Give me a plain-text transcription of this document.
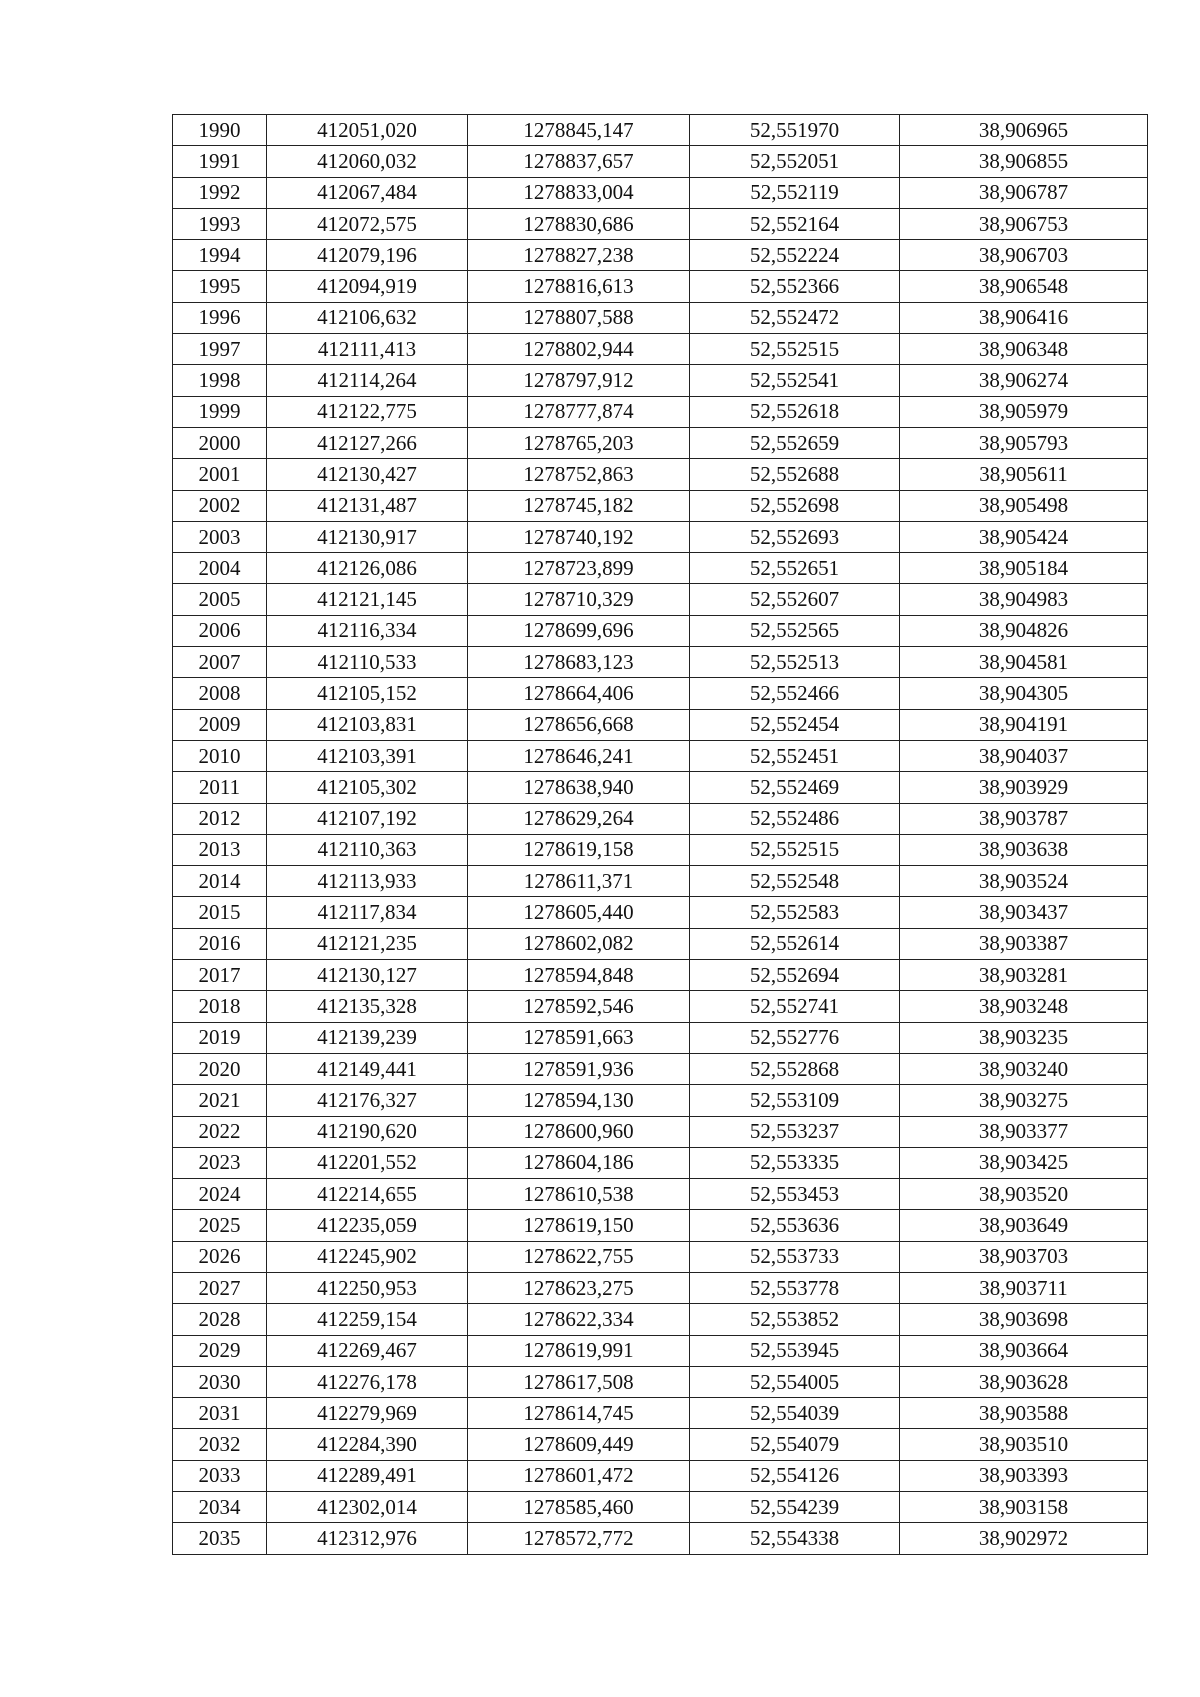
1990	412051,020	1278845,147	52,551970	38,906965
1991	412060,032	1278837,657	52,552051	38,906855
1992	412067,484	1278833,004	52,552119	38,906787
1993	412072,575	1278830,686	52,552164	38,906753
1994	412079,196	1278827,238	52,552224	38,906703
1995	412094,919	1278816,613	52,552366	38,906548
1996	412106,632	1278807,588	52,552472	38,906416
1997	412111,413	1278802,944	52,552515	38,906348
1998	412114,264	1278797,912	52,552541	38,906274
1999	412122,775	1278777,874	52,552618	38,905979
2000	412127,266	1278765,203	52,552659	38,905793
2001	412130,427	1278752,863	52,552688	38,905611
2002	412131,487	1278745,182	52,552698	38,905498
2003	412130,917	1278740,192	52,552693	38,905424
2004	412126,086	1278723,899	52,552651	38,905184
2005	412121,145	1278710,329	52,552607	38,904983
2006	412116,334	1278699,696	52,552565	38,904826
2007	412110,533	1278683,123	52,552513	38,904581
2008	412105,152	1278664,406	52,552466	38,904305
2009	412103,831	1278656,668	52,552454	38,904191
2010	412103,391	1278646,241	52,552451	38,904037
2011	412105,302	1278638,940	52,552469	38,903929
2012	412107,192	1278629,264	52,552486	38,903787
2013	412110,363	1278619,158	52,552515	38,903638
2014	412113,933	1278611,371	52,552548	38,903524
2015	412117,834	1278605,440	52,552583	38,903437
2016	412121,235	1278602,082	52,552614	38,903387
2017	412130,127	1278594,848	52,552694	38,903281
2018	412135,328	1278592,546	52,552741	38,903248
2019	412139,239	1278591,663	52,552776	38,903235
2020	412149,441	1278591,936	52,552868	38,903240
2021	412176,327	1278594,130	52,553109	38,903275
2022	412190,620	1278600,960	52,553237	38,903377
2023	412201,552	1278604,186	52,553335	38,903425
2024	412214,655	1278610,538	52,553453	38,903520
2025	412235,059	1278619,150	52,553636	38,903649
2026	412245,902	1278622,755	52,553733	38,903703
2027	412250,953	1278623,275	52,553778	38,903711
2028	412259,154	1278622,334	52,553852	38,903698
2029	412269,467	1278619,991	52,553945	38,903664
2030	412276,178	1278617,508	52,554005	38,903628
2031	412279,969	1278614,745	52,554039	38,903588
2032	412284,390	1278609,449	52,554079	38,903510
2033	412289,491	1278601,472	52,554126	38,903393
2034	412302,014	1278585,460	52,554239	38,903158
2035	412312,976	1278572,772	52,554338	38,902972
